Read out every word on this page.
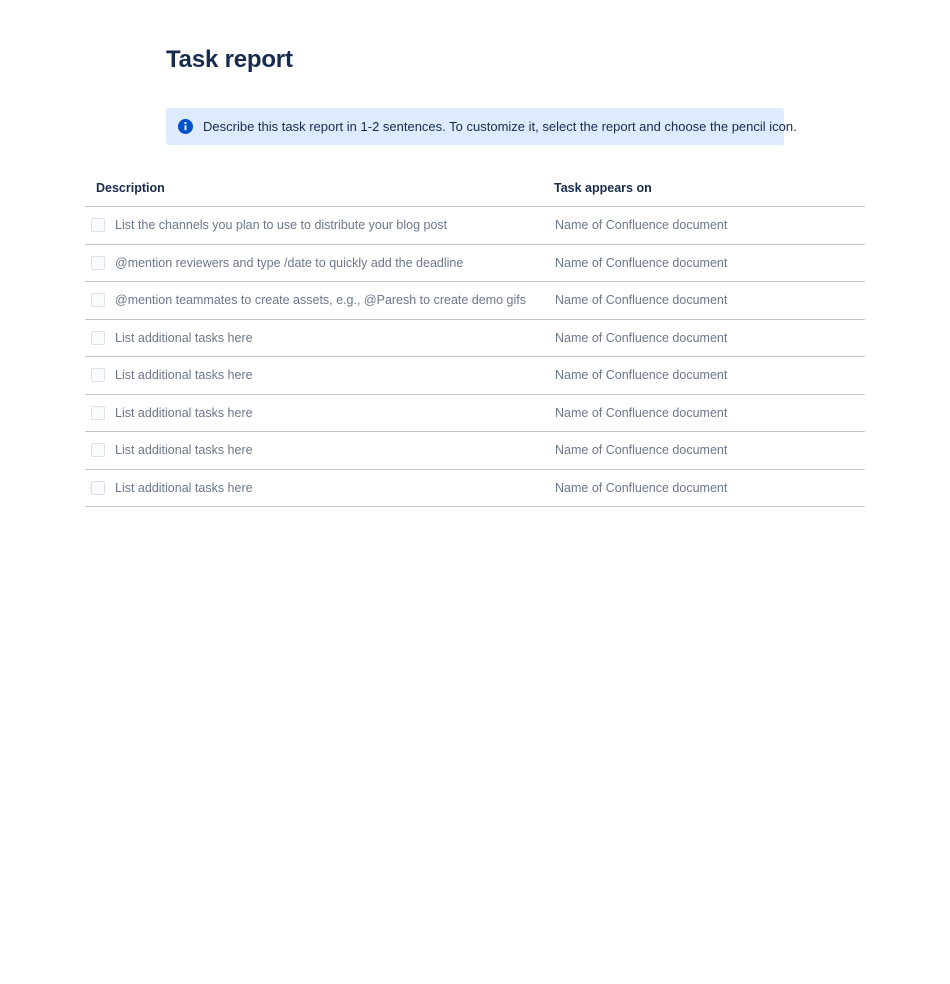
Task report
Describe this task report in 1-2 sentences. To customize it, select the report and choose the pencil icon.
Description	Task appears on
List the channels you plan to use to distribute your blog post	Name of Confluence document
@mention reviewers and type /date to quickly add the deadline	Name of Confluence document
@mention teammates to create assets, e.g., @Paresh to create demo gifs	Name of Confluence document
List additional tasks here	Name of Confluence document
List additional tasks here	Name of Confluence document
List additional tasks here	Name of Confluence document
List additional tasks here	Name of Confluence document
List additional tasks here	Name of Confluence document
